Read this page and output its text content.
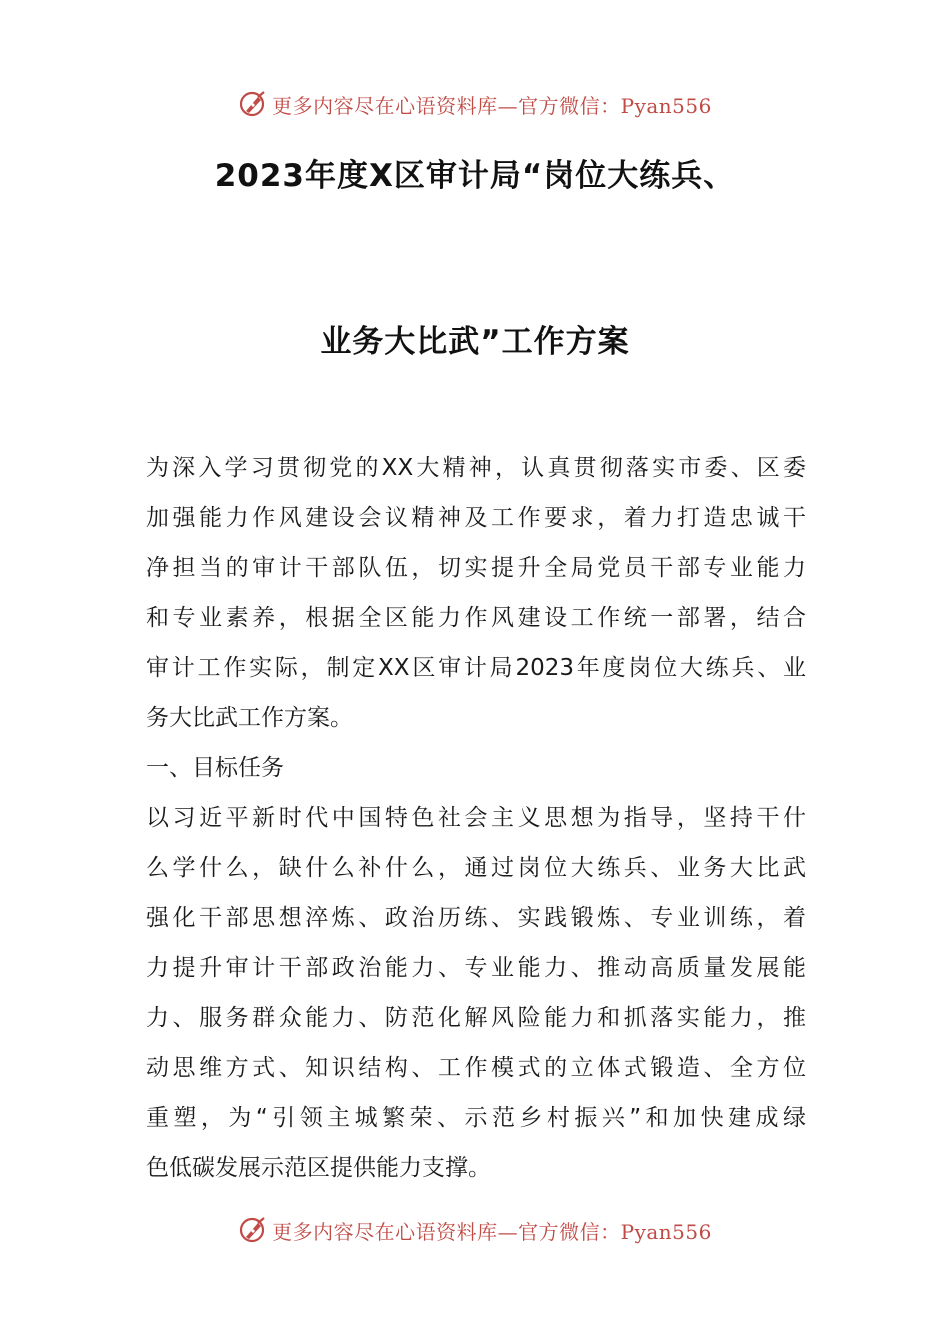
更多内容尽在心语资料库—官方微信：Pyan556
2023年度X区审计局“岗位大练兵、
业务大比武”工作方案
为深入学习贯彻党的XX大精神，认真贯彻落实市委、区委
加强能力作风建设会议精神及工作要求，着力打造忠诚干
净担当的审计干部队伍，切实提升全局党员干部专业能力
和专业素养，根据全区能力作风建设工作统一部署，结合
审计工作实际，制定XX区审计局2023年度岗位大练兵、业
务大比武工作方案。
一、目标任务
以习近平新时代中国特色社会主义思想为指导，坚持干什
么学什么，缺什么补什么，通过岗位大练兵、业务大比武
强化干部思想淬炼、政治历练、实践锻炼、专业训练，着
力提升审计干部政治能力、专业能力、推动高质量发展能
力、服务群众能力、防范化解风险能力和抓落实能力，推
动思维方式、知识结构、工作模式的立体式锻造、全方位
重塑，为“引领主城繁荣、示范乡村振兴”和加快建成绿
色低碳发展示范区提供能力支撑。
更多内容尽在心语资料库—官方微信：Pyan556
